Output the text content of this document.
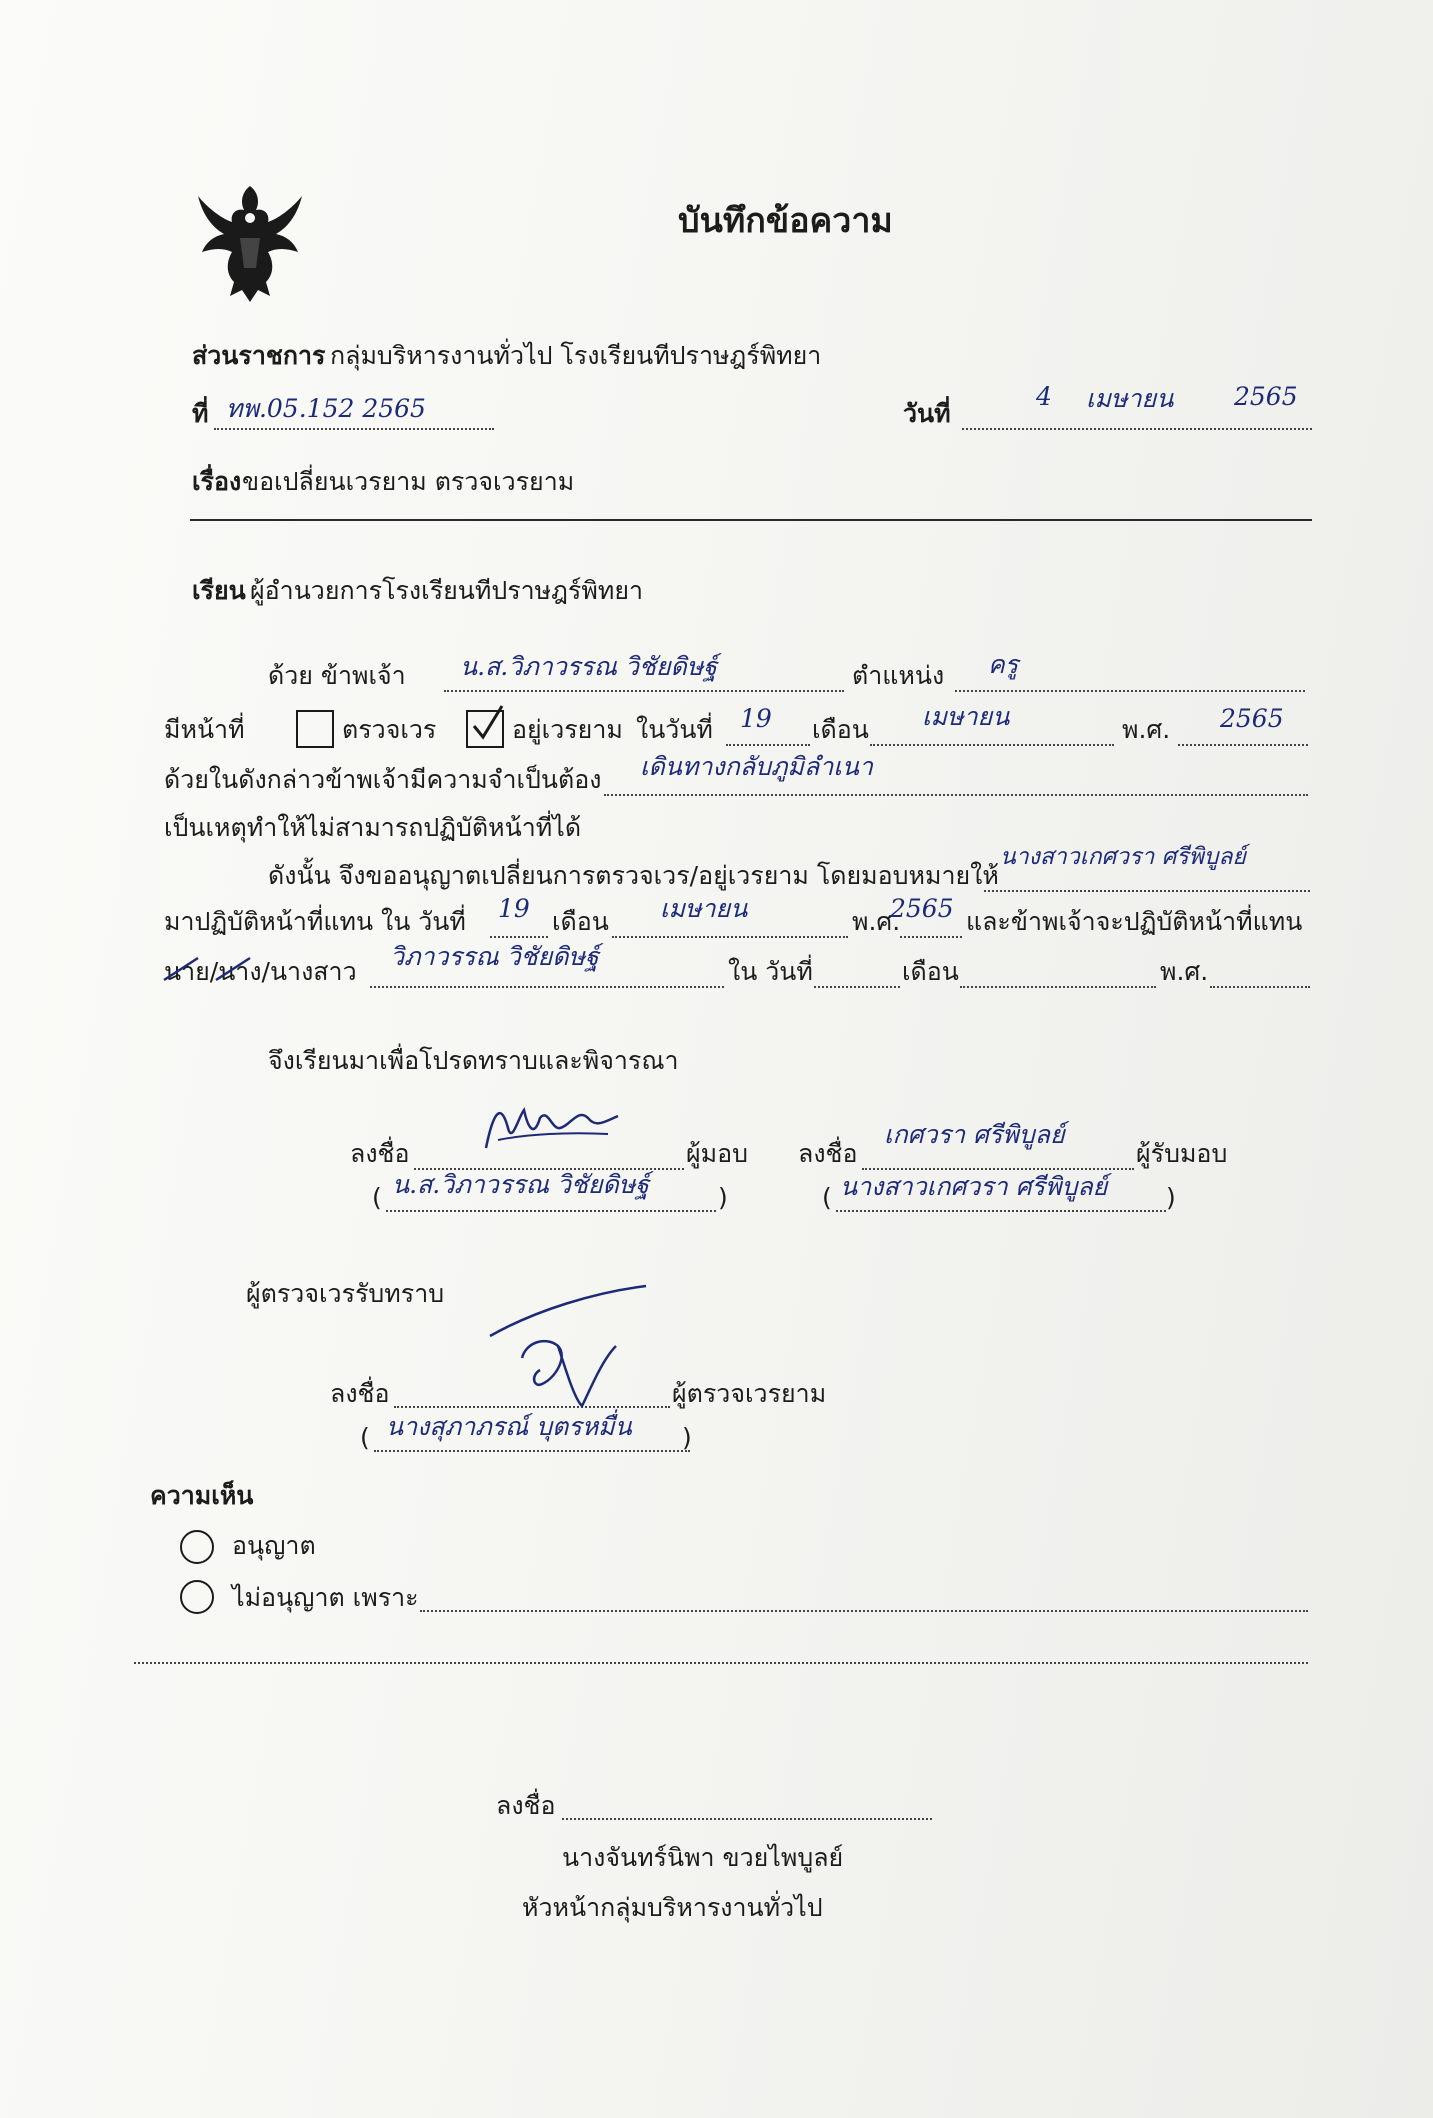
บันทึกข้อความ
ส่วนราชการ กลุ่มบริหารงานทั่วไป โรงเรียนทีปราษฎร์พิทยา
ที่ ทพ.05.152 2565	วันที่
4 เมษายน 2565
เรื่อง ขอเปลี่ยนเวรยาม ตรวจเวรยาม
เรียน ผู้อำนวยการโรงเรียนทีปราษฎร์พิทยา
ด้วย ข้าพเจ้า น.ส.วิภาวรรณ วิชัยดิษฐ์	ตำแหน่ง ครู
มีหน้าที่	ตรวจเวร	อยู่เวรยาม ในวันที่ 19 เดือน เมษายน	พ.ศ. 2565
ด้วยในดังกล่าวข้าพเจ้ามีความจำเป็นต้อง เดินทางกลับภูมิลำเนา
เป็นเหตุทำให้ไม่สามารถปฏิบัติหน้าที่ได้
ดังนั้น จึงขออนุญาตเปลี่ยนการตรวจเวร/อยู่เวรยาม โดยมอบหมายให้
นางสาวเกศวรา ศรีพิบูลย์
มาปฏิบัติหน้าที่แทน ใน วันที่ 19 เดือน เมษายน	พ.ศ.
2565 และข้าพเจ้าจะปฏิบัติหน้าที่แทน
นาย/นาง/นางสาว
วิภาวรรณ วิชัยดิษฐ์
ใน วันที่	เดือน	พ.ศ.
จึงเรียนมาเพื่อโปรดทราบและพิจารณา
ลงชื่อ	ผู้มอบ ลงชื่อ
เกศวรา ศรีพิบูลย์
ผู้รับมอบ
( น.ส.วิภาวรรณ วิชัยดิษฐ์	)	( นางสาวเกศวรา ศรีพิบูลย์ )
ผู้ตรวจเวรรับทราบ
ลงชื่อ	ผู้ตรวจเวรยาม
( นางสุภาภรณ์ บุตรหมื่น )
ความเห็น
อนุญาต
ไม่อนุญาต เพราะ
ลงชื่อ
นางจันทร์นิพา ขวยไพบูลย์
หัวหน้ากลุ่มบริหารงานทั่วไป
